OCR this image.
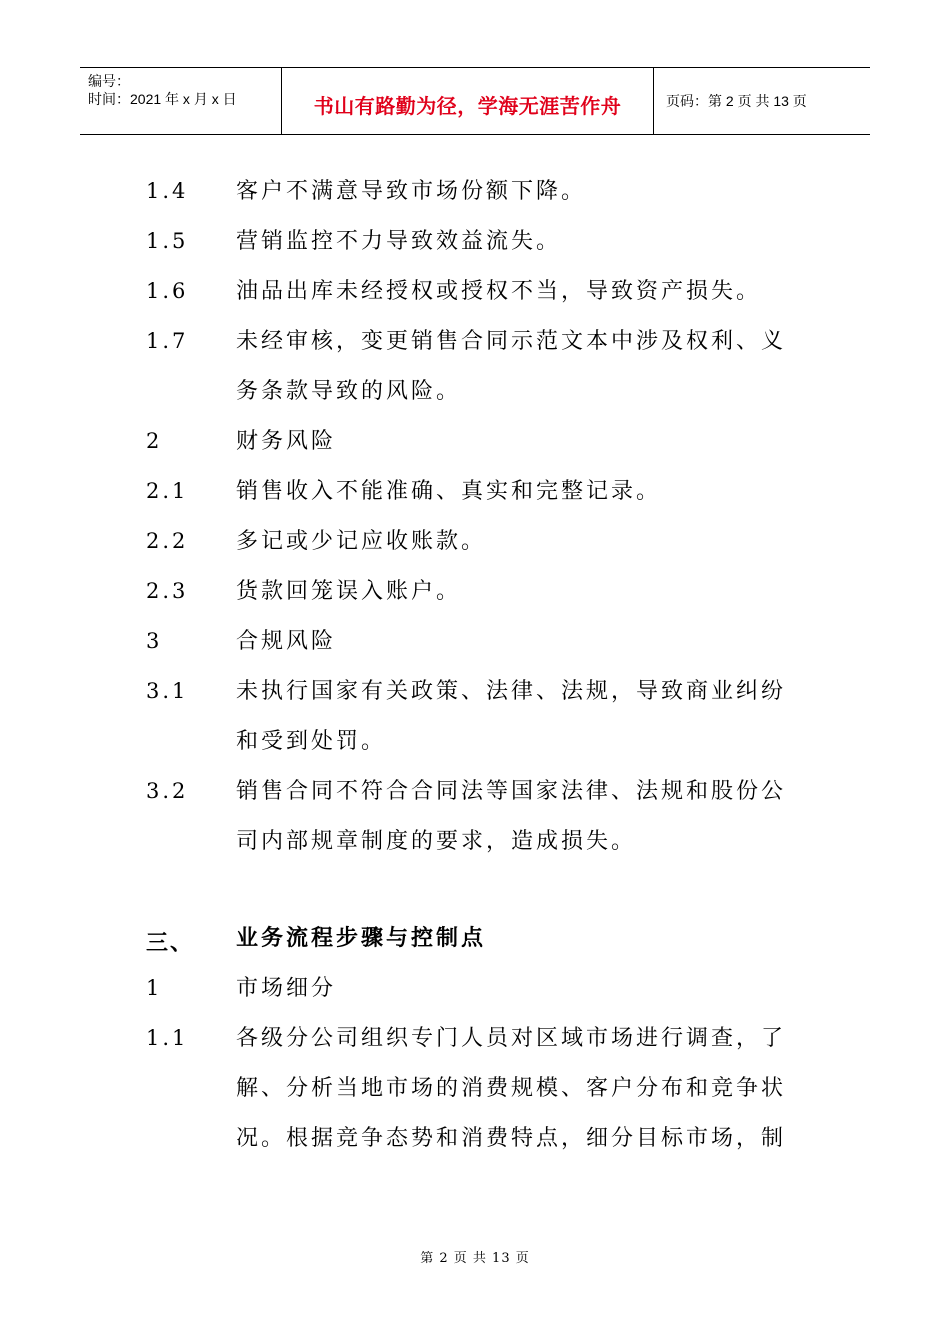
编号：
时间：2021 年 x 月 x 日	书山有路勤为径，学海无涯苦作舟	页码：第 2 页 共 13 页
1.4 客户不满意导致市场份额下降。
1.5 营销监控不力导致效益流失。
1.6 油品出库未经授权或授权不当，导致资产损失。
1.7 未经审核，变更销售合同示范文本中涉及权利、义
务条款导致的风险。
2	财务风险
2.1 销售收入不能准确、真实和完整记录。
2.2 多记或少记应收账款。
2.3 货款回笼误入账户。
3	合规风险
3.1 未执行国家有关政策、法律、法规，导致商业纠纷
和受到处罚。
3.2 销售合同不符合合同法等国家法律、法规和股份公
司内部规章制度的要求，造成损失。
三、 业务流程步骤与控制点
1	市场细分
1.1 各级分公司组织专门人员对区域市场进行调查，了
解、分析当地市场的消费规模、客户分布和竞争状
况。根据竞争态势和消费特点，细分目标市场，制
第 2 页 共 13 页
